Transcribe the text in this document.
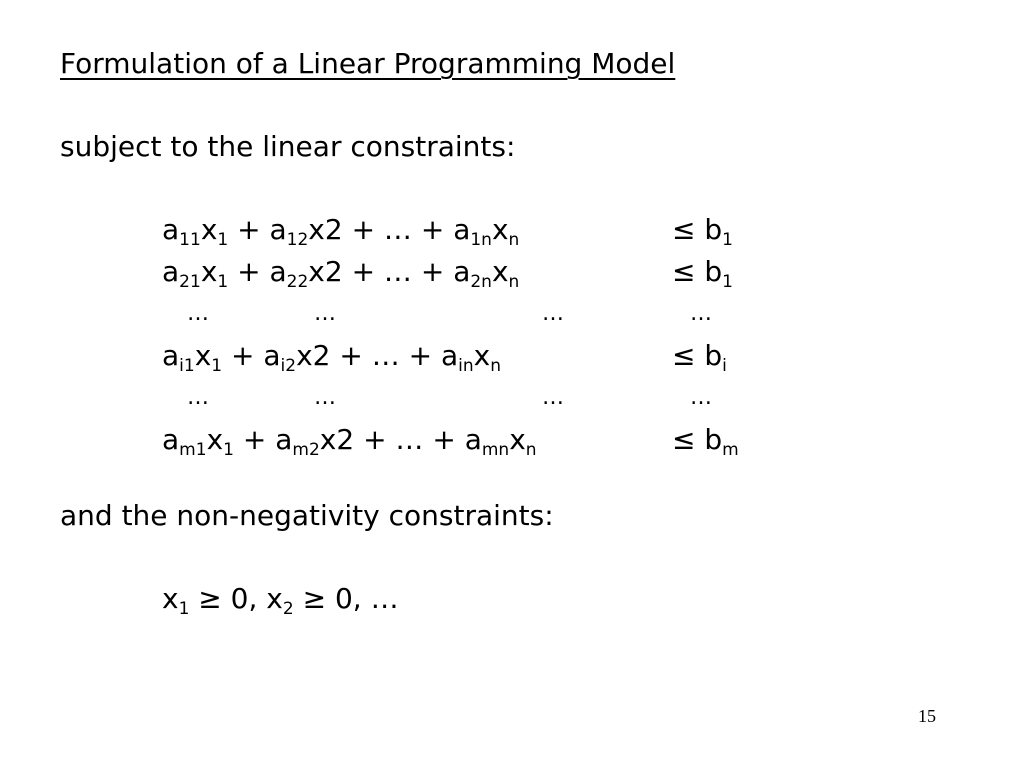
Formulation of a Linear Programming Model
subject to the linear constraints:
$a_{11}x_1 + a_{12}x2$ + … + $a_{1n}x_n$	≤ $b_1$
$a_{21}x_1 + a_{22}x2$ + … + $a_{2n}x_n$	≤ $b_1$
…	…	…	…
$a_{i1}x_1 + a_{i2}x2$ + … + $a_{in}x_n$	≤ $b_i$
…	…	…	…
$a_{m1}x_1 + a_{m2}x2$ + … + $a_{mn}x_n$	≤ $b_m$
and the non-negativity constraints:
$x_1 \ge 0$, $x_2 \ge 0$, …
15
